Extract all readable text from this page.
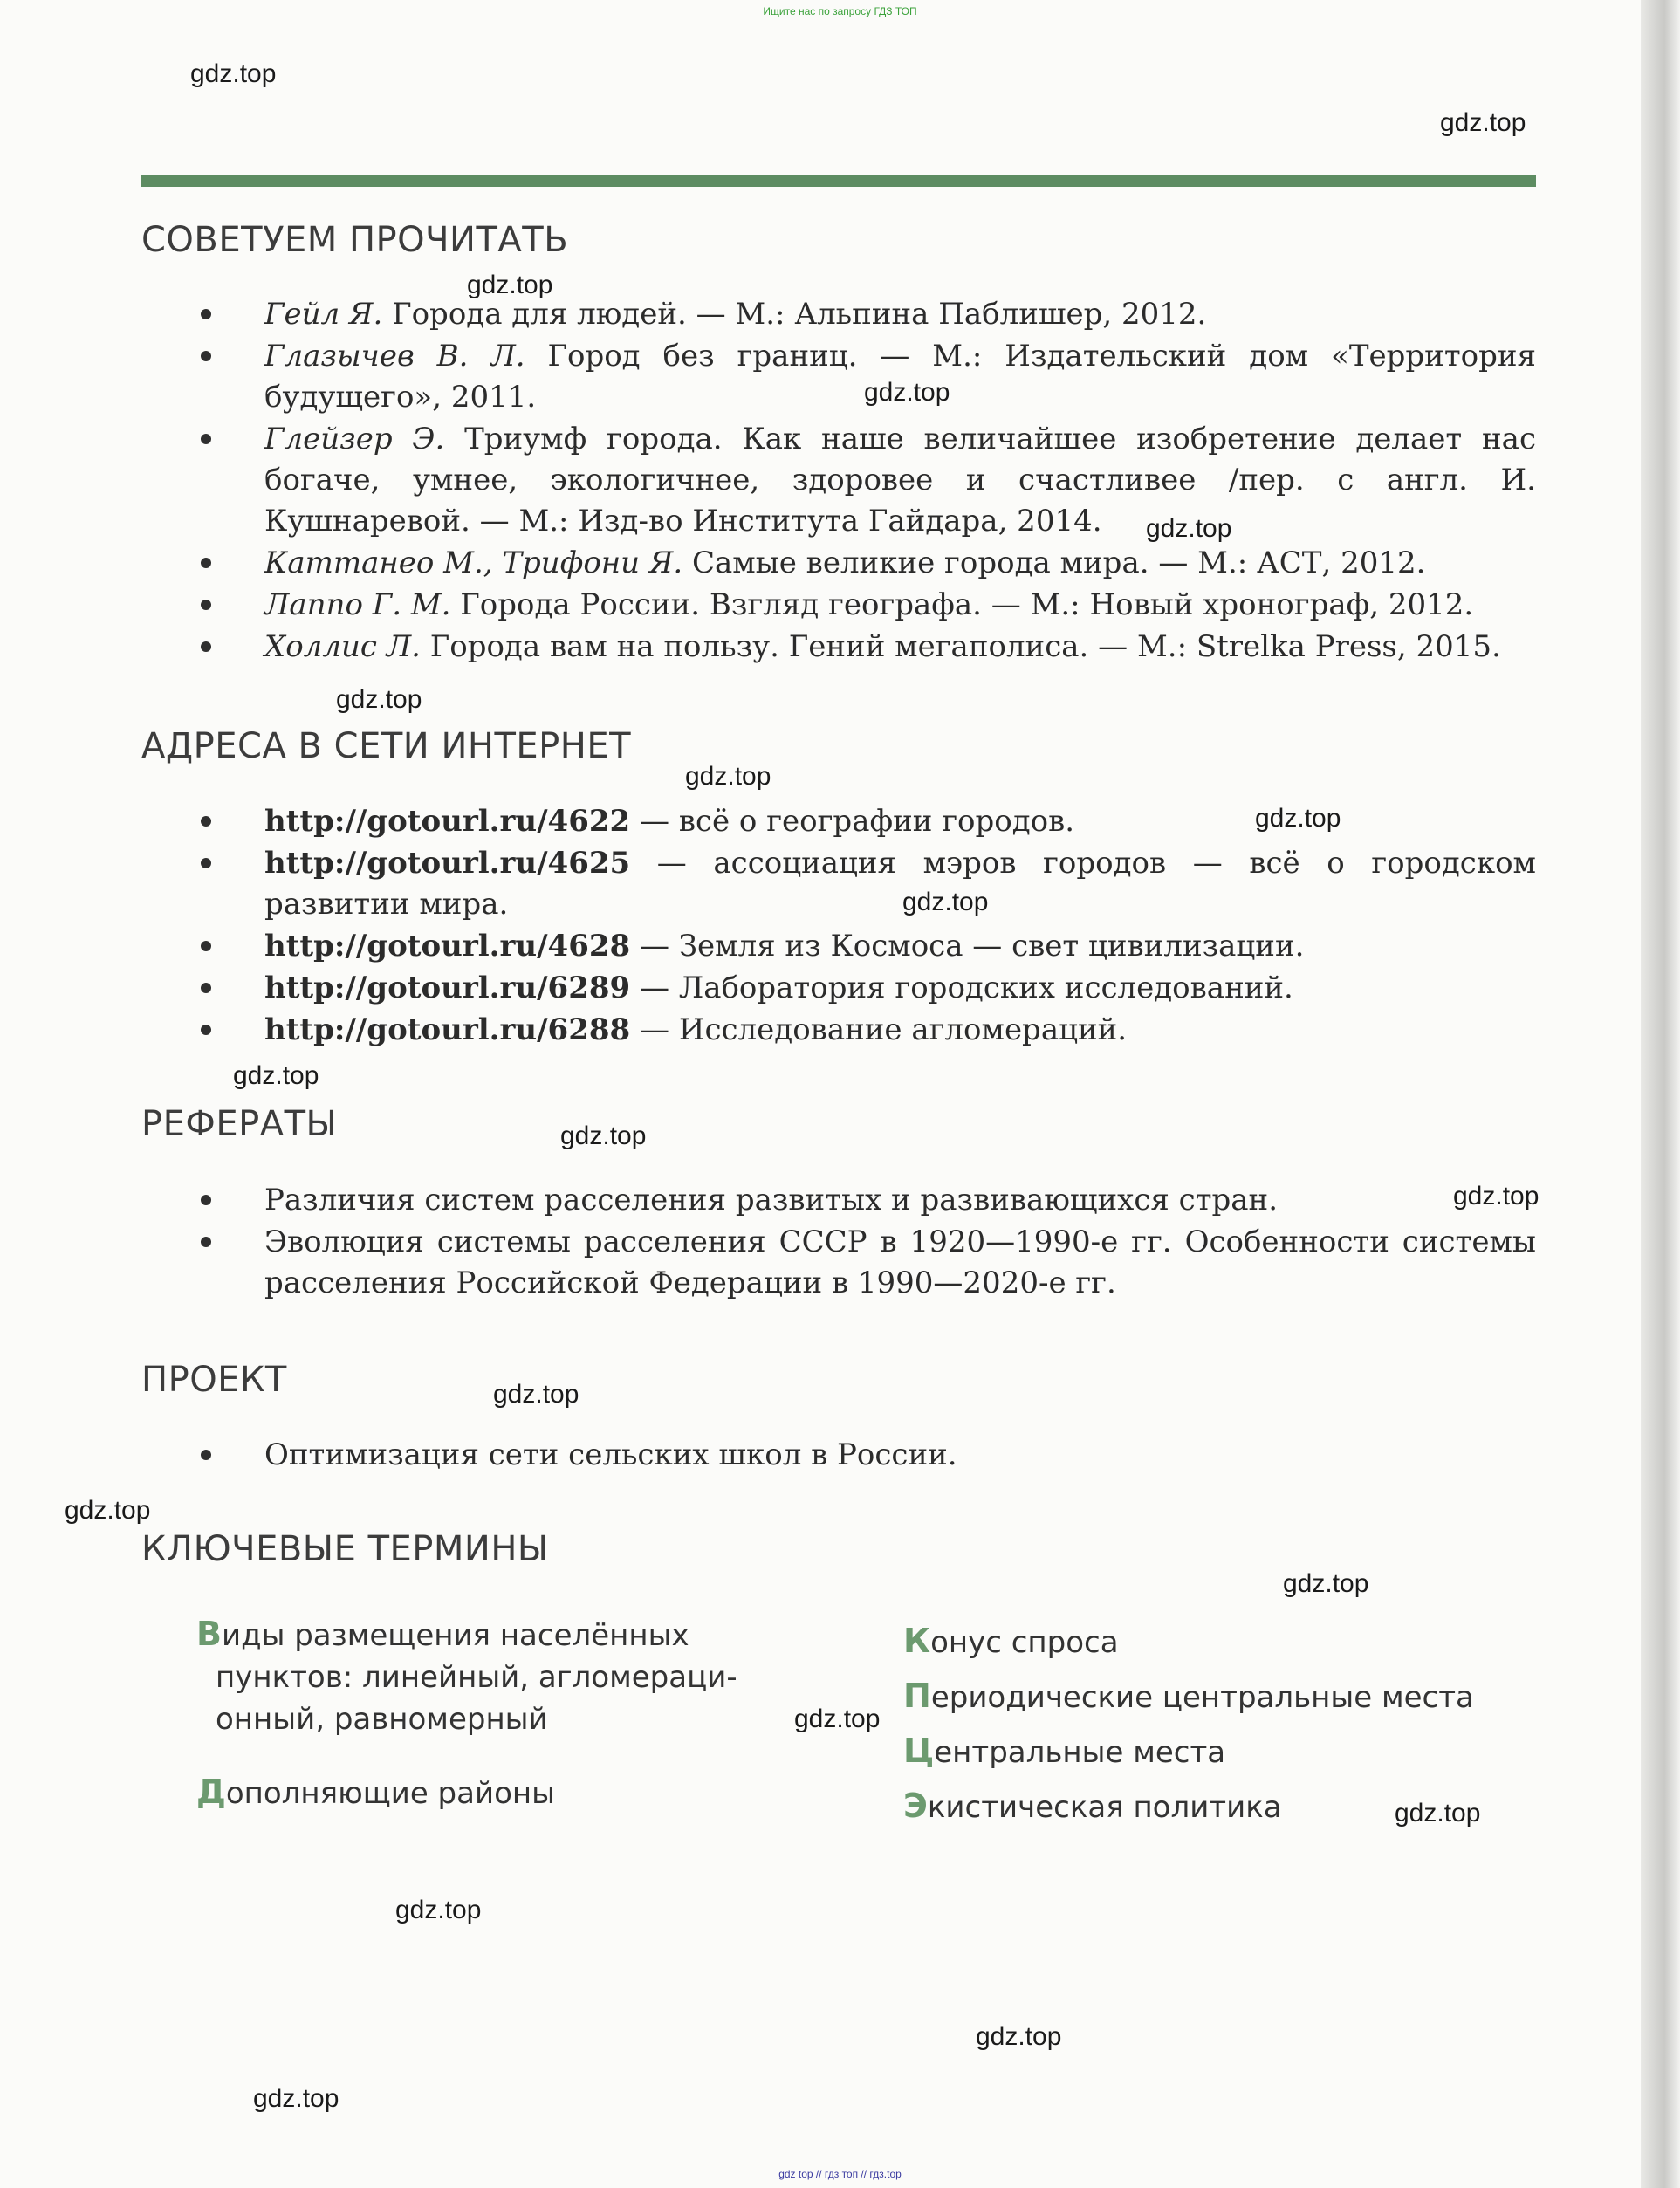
Ищите нас по запросу ГДЗ ТОП
СОВЕТУЕМ ПРОЧИТАТЬ
Гейл Я. Города для людей. — М.: Альпина Паблишер, 2012.
Глазычев В. Л. Город без границ. — М.: Издательский дом «Территория будущего», 2011.
Глейзер Э. Триумф города. Как наше величайшее изобретение делает нас богаче, умнее, экологичнее, здоровее и счастливее /пер. с англ. И. Кушнаревой. — М.: Изд-во Института Гайдара, 2014.
Каттанео М., Трифони Я. Самые великие города мира. — М.: АСТ, 2012.
Лаппо Г. М. Города России. Взгляд географа. — М.: Новый хронограф, 2012.
Холлис Л. Города вам на пользу. Гений мегаполиса. — М.: Strelka Press, 2015.
АДРЕСА В СЕТИ ИНТЕРНЕТ
http://gotourl.ru/4622 — всё о географии городов.
http://gotourl.ru/4625 — ассоциация мэров городов — всё о городском развитии мира.
http://gotourl.ru/4628 — Земля из Космоса — свет цивилизации.
http://gotourl.ru/6289 — Лаборатория городских исследований.
http://gotourl.ru/6288 — Исследование агломераций.
РЕФЕРАТЫ
Различия систем расселения развитых и развивающихся стран.
Эволюция системы расселения СССР в 1920—1990-е гг. Особенности системы расселения Российской Федерации в 1990—2020-е гг.
ПРОЕКТ
Оптимизация сети сельских школ в России.
КЛЮЧЕВЫЕ ТЕРМИНЫ
Виды размещения населённых
пунктов: линейный, агломераци-
онный, равномерный
Дополняющие районы
Конус спроса
Периодические центральные места
Центральные места
Экистическая политика
gdz.top
gdz.top
gdz.top
gdz.top
gdz.top
gdz.top
gdz.top
gdz.top
gdz.top
gdz.top
gdz.top
gdz.top
gdz.top
gdz.top
gdz.top
gdz.top
gdz.top
gdz.top
gdz.top
gdz.top
gdz top // гдз топ // гдз.top
